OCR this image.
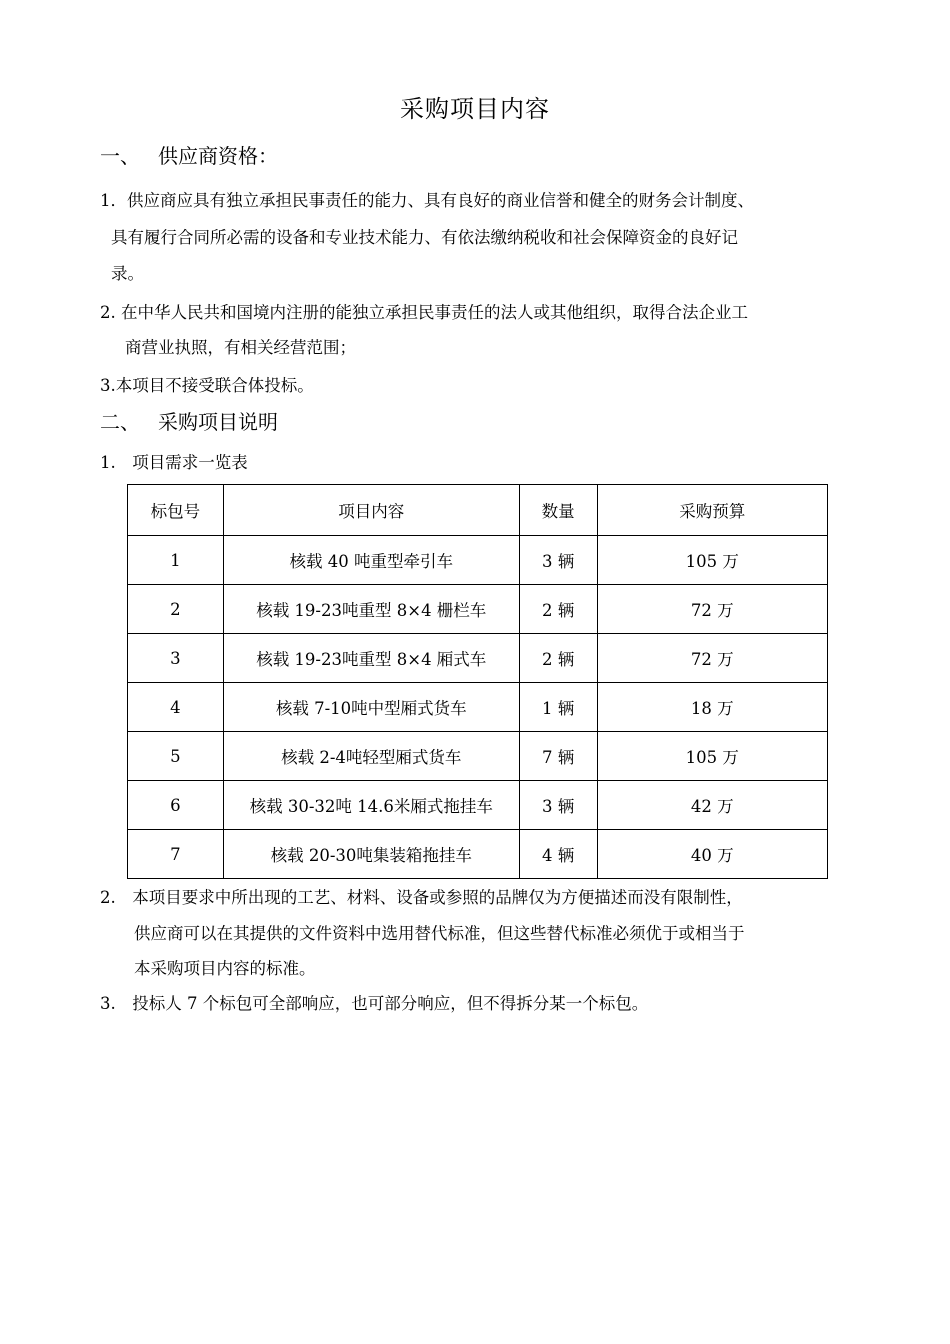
采购项目内容
一、 供应商资格：
1．供应商应具有独立承担民事责任的能力、具有良好的商业信誉和健全的财务会计制度、
具有履行合同所必需的设备和专业技术能力、有依法缴纳税收和社会保障资金的良好记
录。
2. 在中华人民共和国境内注册的能独立承担民事责任的法人或其他组织，取得合法企业工
商营业执照，有相关经营范围；
3.本项目不接受联合体投标。
二、 采购项目说明
1.　项目需求一览表
标包号	项目内容	数量	采购预算
1	核载 40 吨重型牵引车	3 辆	105 万
2	核载 19-23吨重型 8×4 栅栏车	2 辆	72 万
3	核载 19-23吨重型 8×4 厢式车	2 辆	72 万
4	核载 7-10吨中型厢式货车	1 辆	18 万
5	核载 2-4吨轻型厢式货车	7 辆	105 万
6	核载 30-32吨 14.6米厢式拖挂车	3 辆	42 万
7	核载 20-30吨集装箱拖挂车	4 辆	40 万
2.　本项目要求中所出现的工艺、材料、设备或参照的品牌仅为方便描述而没有限制性，
供应商可以在其提供的文件资料中选用替代标准，但这些替代标准必须优于或相当于
本采购项目内容的标准。
3.　投标人 7 个标包可全部响应，也可部分响应，但不得拆分某一个标包。
